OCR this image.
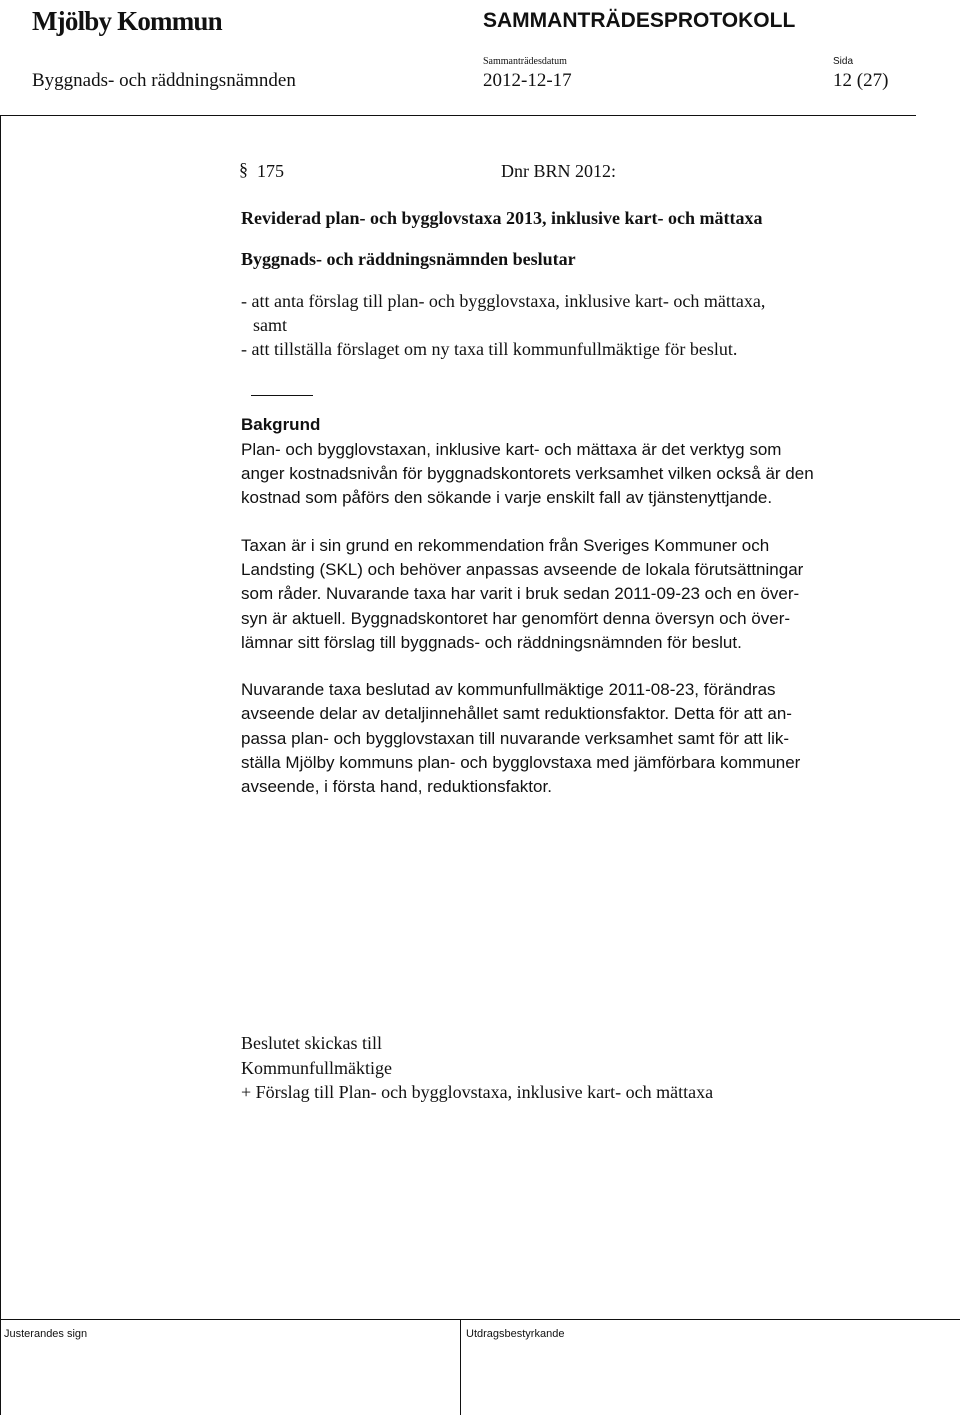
Mjölby Kommun	SAMMANTRÄDESPROTOKOLL
Sammanträdesdatum	Sida
Byggnads- och räddningsnämnden	2012-12-17	12 (27)
§ 175	Dnr BRN 2012:

Reviderad plan- och bygglovstaxa 2013, inklusive kart- och mättaxa

Byggnads- och räddningsnämnden beslutar

- att anta förslag till plan- och bygglovstaxa, inklusive kart- och mättaxa,

samt

- att tillställa förslaget om ny taxa till kommunfullmäktige för beslut.

Bakgrund

Plan- och bygglovstaxan, inklusive kart- och mättaxa är det verktyg som

anger kostnadsnivån för byggnadskontorets verksamhet vilken också är den

kostnad som påförs den sökande i varje enskilt fall av tjänstenyttjande.

Taxan är i sin grund en rekommendation från Sveriges Kommuner och

Landsting (SKL) och behöver anpassas avseende de lokala förutsättningar

som råder. Nuvarande taxa har varit i bruk sedan 2011-09-23 och en över-

syn är aktuell. Byggnadskontoret har genomfört denna översyn och över-

lämnar sitt förslag till byggnads- och räddningsnämnden för beslut.

Nuvarande taxa beslutad av kommunfullmäktige 2011-08-23, förändras

avseende delar av detaljinnehållet samt reduktionsfaktor. Detta för att an-

passa plan- och bygglovstaxan till nuvarande verksamhet samt för att lik-

ställa Mjölby kommuns plan- och bygglovstaxa med jämförbara kommuner

avseende, i första hand, reduktionsfaktor.

Beslutet skickas till

Kommunfullmäktige

+ Förslag till Plan- och bygglovstaxa, inklusive kart- och mättaxa

Justerandes sign	Utdragsbestyrkande
